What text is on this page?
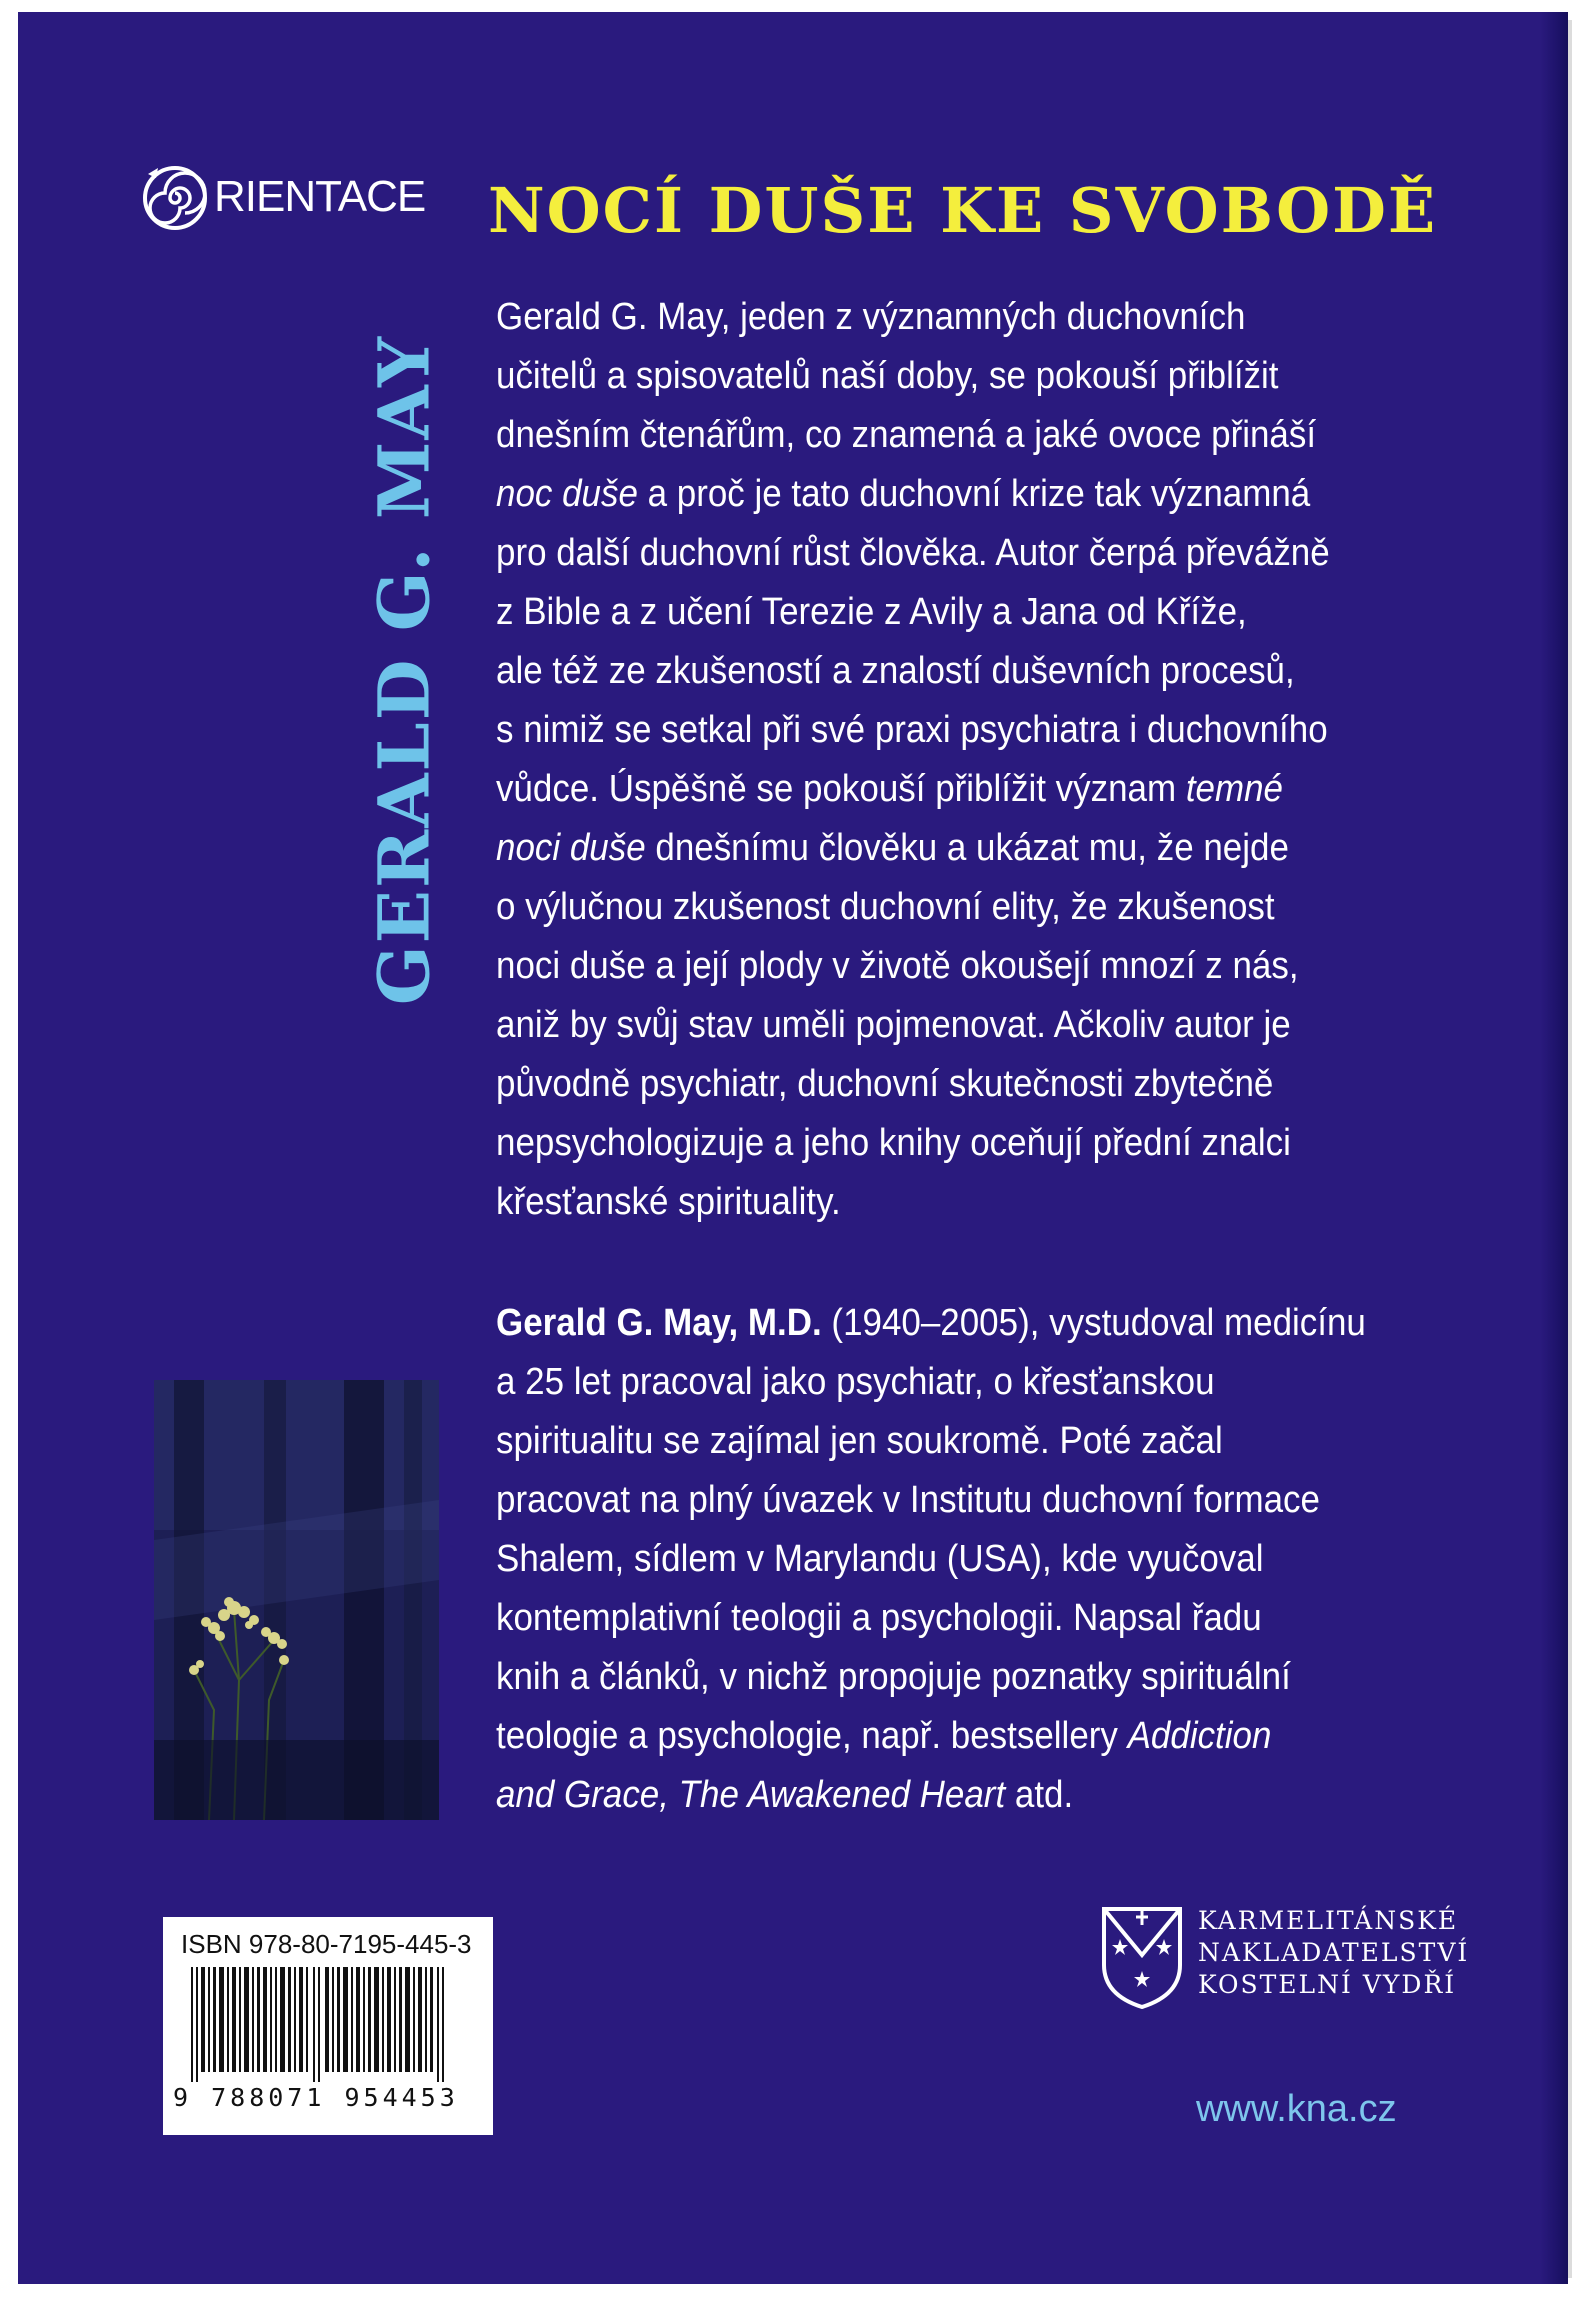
RIENTACE NOCÍ DUŠE KE SVOBODĚ
GERALD G. MAY
Gerald G. May, jeden z významných duchovních
učitelů a spisovatelů naší doby, se pokouší přiblížit
dnešním čtenářům, co znamená a jaké ovoce přináší
noc duše a proč je tato duchovní krize tak významná
pro další duchovní růst člověka. Autor čerpá převážně
z Bible a z učení Terezie z Avily a Jana od Kříže,
ale též ze zkušeností a znalostí duševních procesů,
s nimiž se setkal při své praxi psychiatra i duchovního
vůdce. Úspěšně se pokouší přiblížit význam temné
noci duše dnešnímu člověku a ukázat mu, že nejde
o výlučnou zkušenost duchovní elity, že zkušenost
noci duše a její plody v životě okoušejí mnozí z nás,
aniž by svůj stav uměli pojmenovat. Ačkoliv autor je
původně psychiatr, duchovní skutečnosti zbytečně
nepsychologizuje a jeho knihy oceňují přední znalci
křesťanské spirituality.
Gerald G. May, M.D. (1940–2005), vystudoval medicínu
a 25 let pracoval jako psychiatr, o křesťanskou
spiritualitu se zajímal jen soukromě. Poté začal
pracovat na plný úvazek v Institutu duchovní formace
Shalem, sídlem v Marylandu (USA), kde vyučoval
kontemplativní teologii a psychologii. Napsal řadu
knih a článků, v nichž propojuje poznatky spirituální
teologie a psychologie, např. bestsellery Addiction
and Grace, The Awakened Heart atd.
ISBN 978-80-7195-445-3
9 788071 954453
KARMELITÁNSKÉ
NAKLADATELSTVÍ
KOSTELNÍ VYDŘÍ
www.kna.cz
